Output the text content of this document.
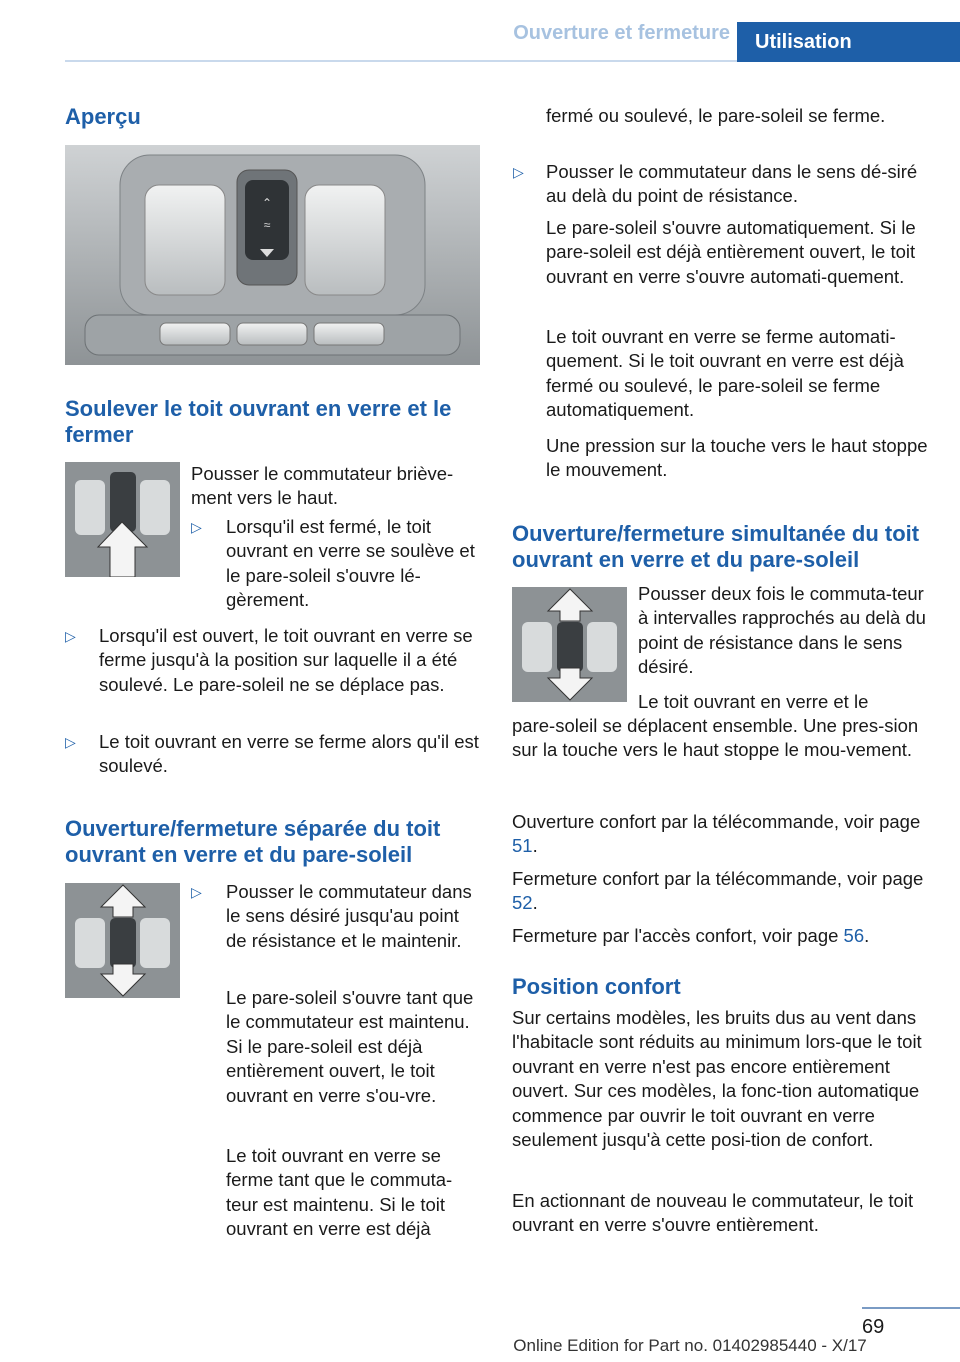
Ouverture et fermeture	Utilisation
Aperçu
⌃
≈
Soulever le toit ouvrant en verre et le fermer

Pousser le commutateur briève-ment vers le haut.

▷ Lorsqu'il est fermé, le toit ouvrant en verre se soulève et le pare-soleil s'ouvre lé-gèrement.

▷ Lorsqu'il est ouvert, le toit ouvrant en verre se ferme jusqu'à la position sur laquelle il a été soulevé. Le pare-soleil ne se déplace pas.

▷ Le toit ouvrant en verre se ferme alors qu'il est soulevé.

Ouverture/fermeture séparée du toit ouvrant en verre et du pare-soleil
▷ Pousser le commutateur dans le sens désiré jusqu'au point de résistance et le maintenir.

Le pare-soleil s'ouvre tant que le commutateur est maintenu. Si le pare-soleil est déjà entièrement ouvert, le toit ouvrant en verre s'ou-vre.

Le toit ouvrant en verre se ferme tant que le commuta-teur est maintenu. Si le toit ouvrant en verre est déjà

fermé ou soulevé, le pare-soleil se ferme.

▷ Pousser le commutateur dans le sens dé-siré au delà du point de résistance.

Le pare-soleil s'ouvre automatiquement. Si le pare-soleil est déjà entièrement ouvert, le toit ouvrant en verre s'ouvre automati-quement.

Le toit ouvrant en verre se ferme automati-quement. Si le toit ouvrant en verre est déjà fermé ou soulevé, le pare-soleil se ferme automatiquement.

Une pression sur la touche vers le haut stoppe le mouvement.

Ouverture/fermeture simultanée du toit ouvrant en verre et du pare-soleil

Pousser deux fois le commuta-teur à intervalles rapprochés au delà du point de résistance dans le sens désiré.

Le toit ouvrant en verre et le

pare-soleil se déplacent ensemble. Une pres-sion sur la touche vers le haut stoppe le mou-vement.

Ouverture confort par la télécommande, voir page 51.

Fermeture confort par la télécommande, voir page 52.

Fermeture par l'accès confort, voir page 56.

Position confort

Sur certains modèles, les bruits dus au vent dans l'habitacle sont réduits au minimum lors-que le toit ouvrant en verre n'est pas encore entièrement ouvert. Sur ces modèles, la fonc-tion automatique commence par ouvrir le toit ouvrant en verre seulement jusqu'à cette posi-tion de confort.

En actionnant de nouveau le commutateur, le toit ouvrant en verre s'ouvre entièrement.

69
Online Edition for Part no. 01402985440 - X/17
